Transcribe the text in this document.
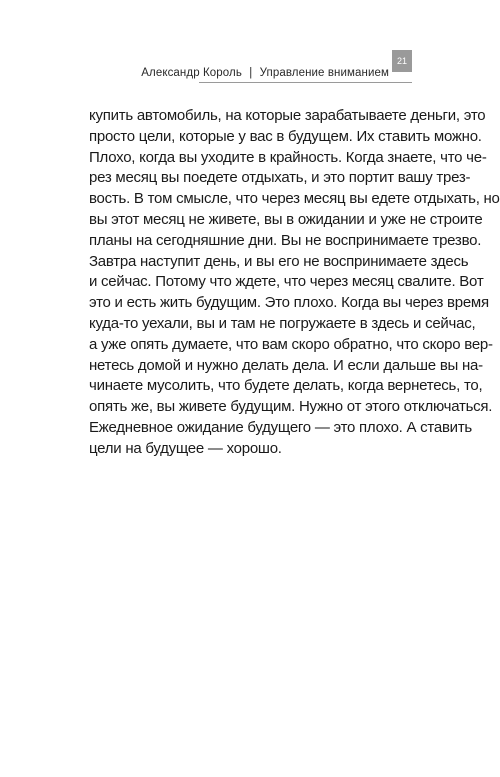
Александр Король | Управление вниманием
21
купить автомобиль, на которые зарабатываете деньги, это
просто цели, которые у вас в будущем. Их ставить можно.
Плохо, когда вы уходите в крайность. Когда знаете, что че-
рез месяц вы поедете отдыхать, и это портит вашу трез-
вость. В том смысле, что через месяц вы едете отдыхать, но
вы этот месяц не живете, вы в ожидании и уже не строите
планы на сегодняшние дни. Вы не воспринимаете трезво.
Завтра наступит день, и вы его не воспринимаете здесь
и сейчас. Потому что ждете, что через месяц свалите. Вот
это и есть жить будущим. Это плохо. Когда вы через время
куда-то уехали, вы и там не погружаете в здесь и сейчас,
а уже опять думаете, что вам скоро обратно, что скоро вер-
нетесь домой и нужно делать дела. И если дальше вы на-
чинаете мусолить, что будете делать, когда вернетесь, то,
опять же, вы живете будущим. Нужно от этого отключаться.
Ежедневное ожидание будущего — это плохо. А ставить
цели на будущее — хорошо.
